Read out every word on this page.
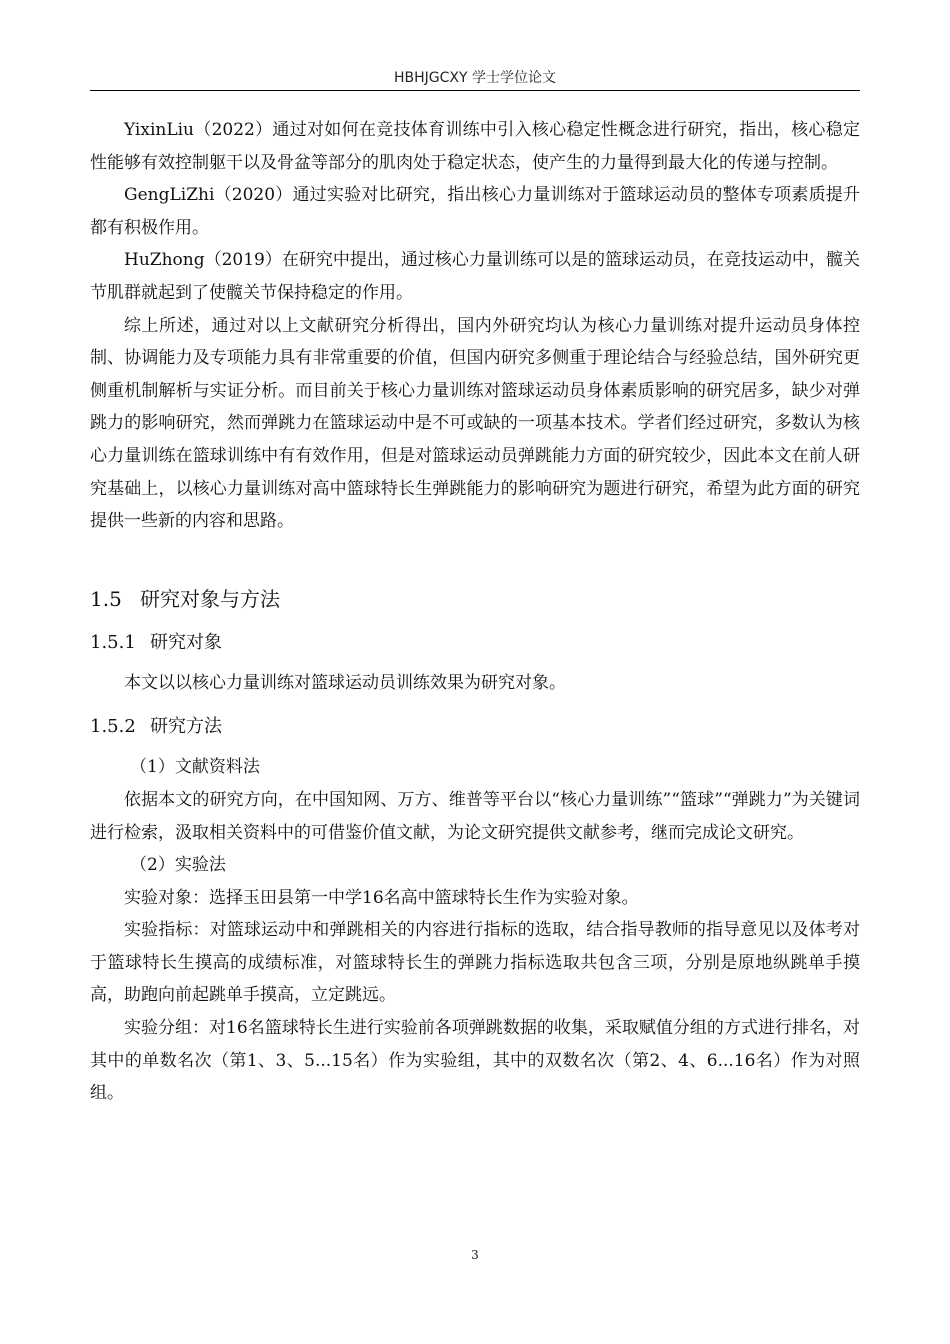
HBHJGCXY 学士学位论文

YixinLiu（2022）通过对如何在竞技体育训练中引入核心稳定性概念进行研究，指出，核心稳定性能够有效控制躯干以及骨盆等部分的肌肉处于稳定状态，使产生的力量得到最大化的传递与控制。

GengLiZhi（2020）通过实验对比研究，指出核心力量训练对于篮球运动员的整体专项素质提升都有积极作用。

HuZhong（2019）在研究中提出，通过核心力量训练可以是的篮球运动员，在竞技运动中，髋关节肌群就起到了使髋关节保持稳定的作用。

综上所述，通过对以上文献研究分析得出，国内外研究均认为核心力量训练对提升运动员身体控制、协调能力及专项能力具有非常重要的价值，但国内研究多侧重于理论结合与经验总结，国外研究更侧重机制解析与实证分析。而目前关于核心力量训练对篮球运动员身体素质影响的研究居多，缺少对弹跳力的影响研究，然而弹跳力在篮球运动中是不可或缺的一项基本技术。学者们经过研究，多数认为核心力量训练在篮球训练中有有效作用，但是对篮球运动员弹跳能力方面的研究较少，因此本文在前人研究基础上，以核心力量训练对高中篮球特长生弹跳能力的影响研究为题进行研究，希望为此方面的研究提供一些新的内容和思路。

1.5 研究对象与方法
1.5.1 研究对象

本文以以核心力量训练对篮球运动员训练效果为研究对象。

1.5.2 研究方法

（1）文献资料法

依据本文的研究方向，在中国知网、万方、维普等平台以“核心力量训练”“篮球”“弹跳力”为关键词进行检索，汲取相关资料中的可借鉴价值文献，为论文研究提供文献参考，继而完成论文研究。

（2）实验法

实验对象：选择玉田县第一中学16名高中篮球特长生作为实验对象。

实验指标：对篮球运动中和弹跳相关的内容进行指标的选取，结合指导教师的指导意见以及体考对于篮球特长生摸高的成绩标准，对篮球特长生的弹跳力指标选取共包含三项，分别是原地纵跳单手摸高，助跑向前起跳单手摸高，立定跳远。

实验分组：对16名篮球特长生进行实验前各项弹跳数据的收集，采取赋值分组的方式进行排名，对其中的单数名次（第1、3、5...15名）作为实验组，其中的双数名次（第2、4、6...16名）作为对照组。

3
